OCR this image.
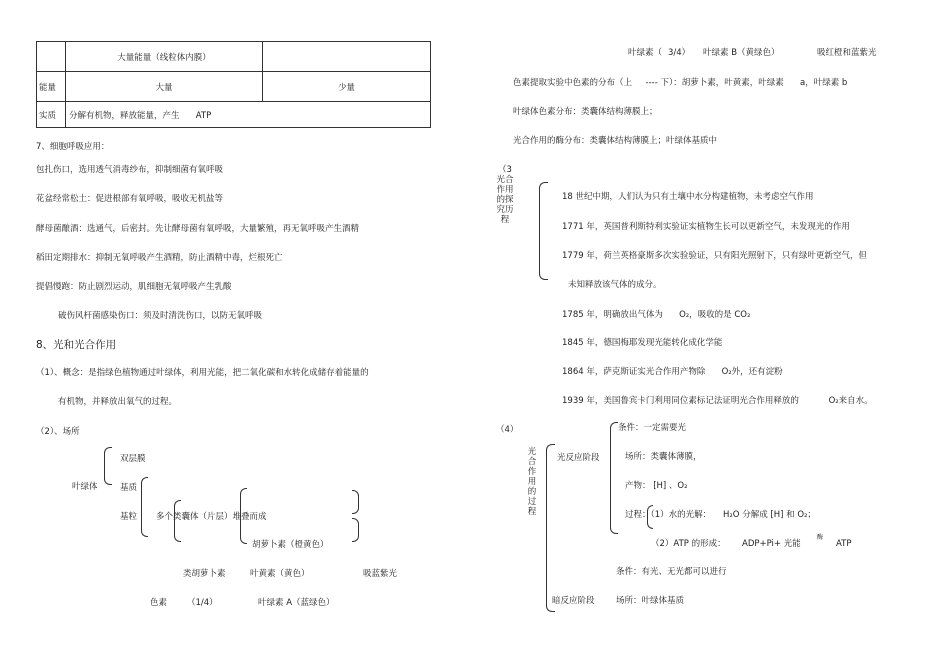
	大量能量（线粒体内膜）	
能量	大量	少量
实质	分解有机物，释放能量，产生 ATP	
7、细胞呼吸应用：
包扎伤口，选用透气消毒纱布，抑制细菌有氧呼吸
花盆经常松土：促进根部有氧呼吸，吸收无机盐等
酵母菌酿酒：选通气，后密封。先让酵母菌有氧呼吸，大量繁殖，再无氧呼吸产生酒精
稻田定期排水：抑制无氧呼吸产生酒精，防止酒精中毒，烂根死亡
提倡慢跑：防止剧烈运动，肌细胞无氧呼吸产生乳酸
破伤风杆菌感染伤口：须及时清洗伤口，以防无氧呼吸
8、光和光合作用
（1）、概念：是指绿色植物通过叶绿体，利用光能，把二氧化碳和水转化成储存着能量的
有机物，并释放出氧气的过程。
（2）、场所
双层膜
叶绿体	基质
基粒 多个类囊体（片层）堆叠而成
胡萝卜素（橙黄色）
类胡萝卜素	叶黄素（黄色）	吸蓝紫光
色素 （1/4）	叶绿素 A（蓝绿色）
叶绿素（ 3/4） 叶绿素 B（黄绿色）	吸红橙和蓝紫光
色素提取实验中色素的分布（上 ---- 下）：胡萝卜素，叶黄素，叶绿素 a，叶绿素 b
叶绿体色素分布：类囊体结构薄膜上；
光合作用的酶分布：类囊体结构薄膜上；叶绿体基质中
（3光合作用的探究历程
18 世纪中期，人们认为只有土壤中水分构建植物，未考虑空气作用
1771 年，英国普利斯特利实验证实植物生长可以更新空气，未发现光的作用
1779 年，荷兰英格豪斯多次实验验证，只有阳光照射下，只有绿叶更新空气，但
未知释放该气体的成分。
1785 年，明确放出气体为 O₂，吸收的是 CO₂
1845 年，德国梅耶发现光能转化成化学能
1864 年，萨克斯证实光合作用产物除 O₂外，还有淀粉
1939 年，美国鲁宾卡门利用同位素标记法证明光合作用释放的	O₂来自水。
（4）
光合作用的过程
光反应阶段
条件：一定需要光
场所：类囊体薄膜，
产物： [H] 、O₂
过程：（1）水的光解： H₂O 分解成 [H] 和 O₂；
（2）ATP 的形成： ADP+Pi+ 光能
酶
ATP
条件：有光、无光都可以进行
暗反应阶段	场所：叶绿体基质
